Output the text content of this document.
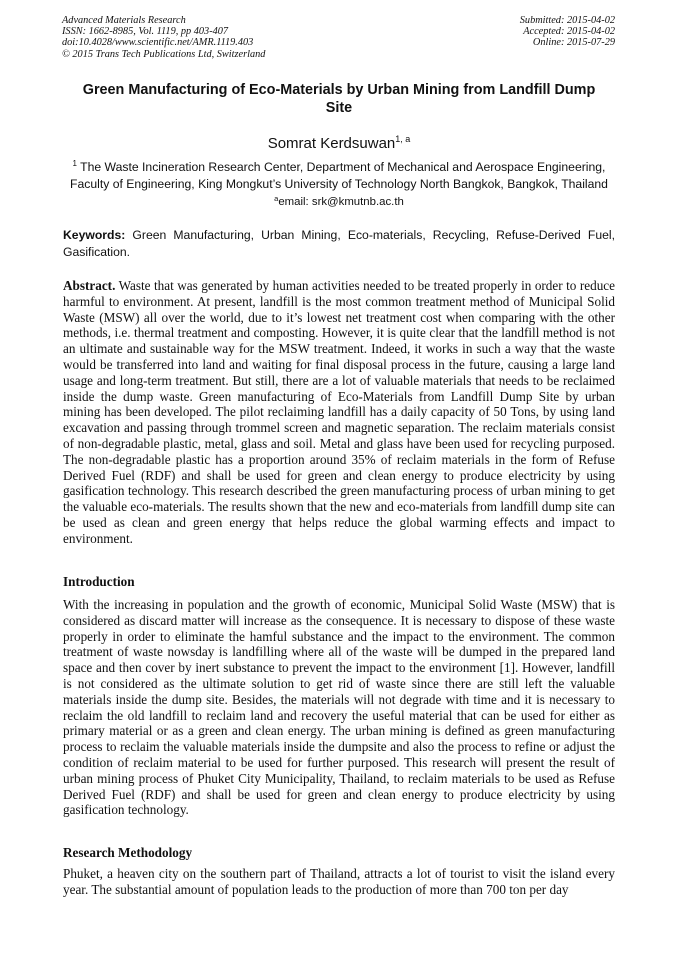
Advanced Materials Research
ISSN: 1662-8985, Vol. 1119, pp 403-407
doi:10.4028/www.scientific.net/AMR.1119.403
© 2015 Trans Tech Publications Ltd, Switzerland
Submitted: 2015-04-02
Accepted: 2015-04-02
Online: 2015-07-29
Green Manufacturing of Eco-Materials by Urban Mining from Landfill Dump Site
Somrat Kerdsuwan$^{1, a}$
$^1$ The Waste Incineration Research Center, Department of Mechanical and Aerospace Engineering, Faculty of Engineering, King Mongkut’s University of Technology North Bangkok, Bangkok, Thailand
$^a$email: srk@kmutnb.ac.th
Keywords: Green Manufacturing, Urban Mining, Eco-materials, Recycling, Refuse-Derived Fuel, Gasification.
Abstract. Waste that was generated by human activities needed to be treated properly in order to reduce harmful to environment. At present, landfill is the most common treatment method of Municipal Solid Waste (MSW) all over the world, due to it’s lowest net treatment cost when comparing with the other methods, i.e. thermal treatment and composting. However, it is quite clear that the landfill method is not an ultimate and sustainable way for the MSW treatment. Indeed, it works in such a way that the waste would be transferred into land and waiting for final disposal process in the future, causing a large land usage and long-term treatment. But still, there are a lot of valuable materials that needs to be reclaimed inside the dump waste. Green manufacturing of Eco-Materials from Landfill Dump Site by urban mining has been developed. The pilot reclaiming landfill has a daily capacity of 50 Tons, by using land excavation and passing through trommel screen and magnetic separation. The reclaim materials consist of non-degradable plastic, metal, glass and soil. Metal and glass have been used for recycling purposed. The non-degradable plastic has a proportion around 35% of reclaim materials in the form of Refuse Derived Fuel (RDF) and shall be used for green and clean energy to produce electricity by using gasification technology. This research described the green manufacturing process of urban mining to get the valuable eco-materials. The results shown that the new and eco-materials from landfill dump site can be used as clean and green energy that helps reduce the global warming effects and impact to environment.
Introduction
With the increasing in population and the growth of economic, Municipal Solid Waste (MSW) that is considered as discard matter will increase as the consequence. It is necessary to dispose of these waste properly in order to eliminate the hamful substance and the impact to the environment. The common treatment of waste nowsday is landfilling where all of the waste will be dumped in the prepared land space and then cover by inert substance to prevent the impact to the environment [1]. However, landfill is not considered as the ultimate solution to get rid of waste since there are still left the valuable materials inside the dump site. Besides, the materials will not degrade with time and it is necessary to reclaim the old landfill to reclaim land and recovery the useful material that can be used for either as primary material or as a green and clean energy. The urban mining is defined as green manufacturing process to reclaim the valuable materials inside the dumpsite and also the process to refine or adjust the condition of reclaim material to be used for further purposed. This research will present the result of urban mining process of Phuket City Municipality, Thailand, to reclaim materials to be used as Refuse Derived Fuel (RDF) and shall be used for green and clean energy to produce electricity by using gasification technology.
Research Methodology
Phuket, a heaven city on the southern part of Thailand, attracts a lot of tourist to visit the island every year. The substantial amount of population leads to the production of more than 700 ton per day
